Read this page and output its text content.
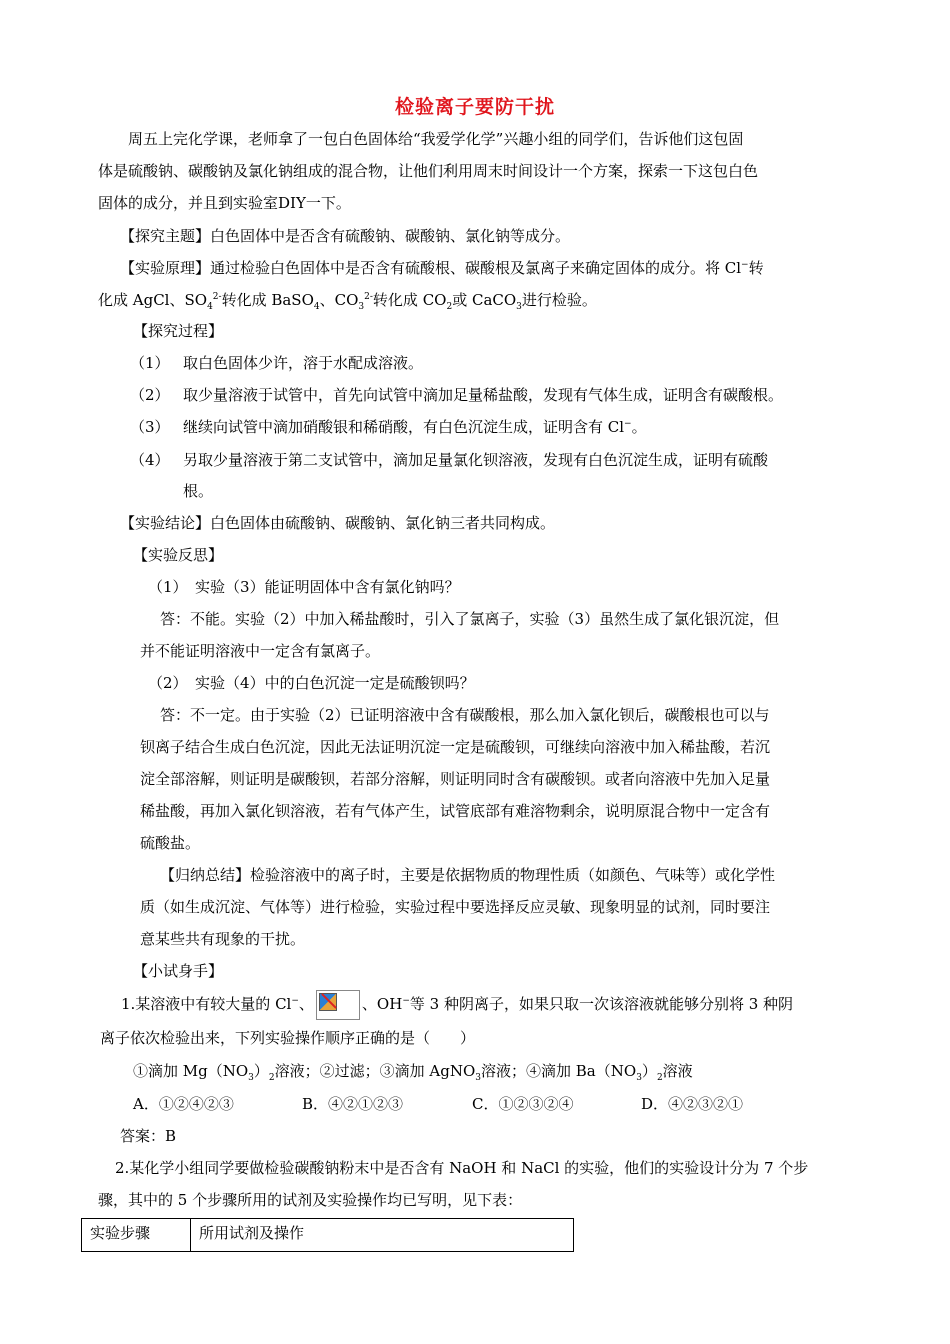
检验离子要防干扰
周五上完化学课，老师拿了一包白色固体给“我爱学化学”兴趣小组的同学们，告诉他们这包固
体是硫酸钠、碳酸钠及氯化钠组成的混合物，让他们利用周末时间设计一个方案，探索一下这包白色
固体的成分，并且到实验室DIY一下。
【探究主题】白色固体中是否含有硫酸钠、碳酸钠、氯化钠等成分。
【实验原理】通过检验白色固体中是否含有硫酸根、碳酸根及氯离子来确定固体的成分。将 Cl−转
化成 AgCl、$SO_4^{2-}$转化成 BaSO$_4$、$CO_3^{2-}$转化成 $CO_2$或 CaCO$_3$进行检验。
【探究过程】
（1） 取白色固体少许，溶于水配成溶液。
（2） 取少量溶液于试管中，首先向试管中滴加足量稀盐酸，发现有气体生成，证明含有碳酸根。
（3） 继续向试管中滴加硝酸银和稀硝酸，有白色沉淀生成，证明含有 Cl−。
（4） 另取少量溶液于第二支试管中，滴加足量氯化钡溶液，发现有白色沉淀生成，证明有硫酸
根。
【实验结论】白色固体由硫酸钠、碳酸钠、氯化钠三者共同构成。
【实验反思】
（1）　实验（3）能证明固体中含有氯化钠吗？
答：不能。实验（2）中加入稀盐酸时，引入了氯离子，实验（3）虽然生成了氯化银沉淀，但
并不能证明溶液中一定含有氯离子。
（2）　实验（4）中的白色沉淀一定是硫酸钡吗？
答：不一定。由于实验（2）已证明溶液中含有碳酸根，那么加入氯化钡后，碳酸根也可以与
钡离子结合生成白色沉淀，因此无法证明沉淀一定是硫酸钡，可继续向溶液中加入稀盐酸，若沉
淀全部溶解，则证明是碳酸钡，若部分溶解，则证明同时含有碳酸钡。或者向溶液中先加入足量
稀盐酸，再加入氯化钡溶液，若有气体产生，试管底部有难溶物剩余，说明原混合物中一定含有
硫酸盐。
【归纳总结】检验溶液中的离子时，主要是依据物质的物理性质（如颜色、气味等）或化学性
质（如生成沉淀、气体等）进行检验，实验过程中要选择反应灵敏、现象明显的试剂，同时要注
意某些共有现象的干扰。
【小试身手】
1.某溶液中有较大量的 Cl−、	、OH−等 3 种阴离子，如果只取一次该溶液就能够分别将 3 种阴
离子依次检验出来，下列实验操作顺序正确的是（　　）
①滴加 $Mg(NO_3)_2$溶液；②过滤；③滴加 AgNO$_3$溶液；④滴加 $Ba(NO_3)_2$溶液
A．①②④②③	B．④②①②③	C．①②③②④	D．④②③②①
答案：B
2.某化学小组同学要做检验碳酸钠粉末中是否含有 NaOH 和 NaCl 的实验，他们的实验设计分为 7 个步
骤，其中的 5 个步骤所用的试剂及实验操作均已写明，见下表：
实验步骤	所用试剂及操作
